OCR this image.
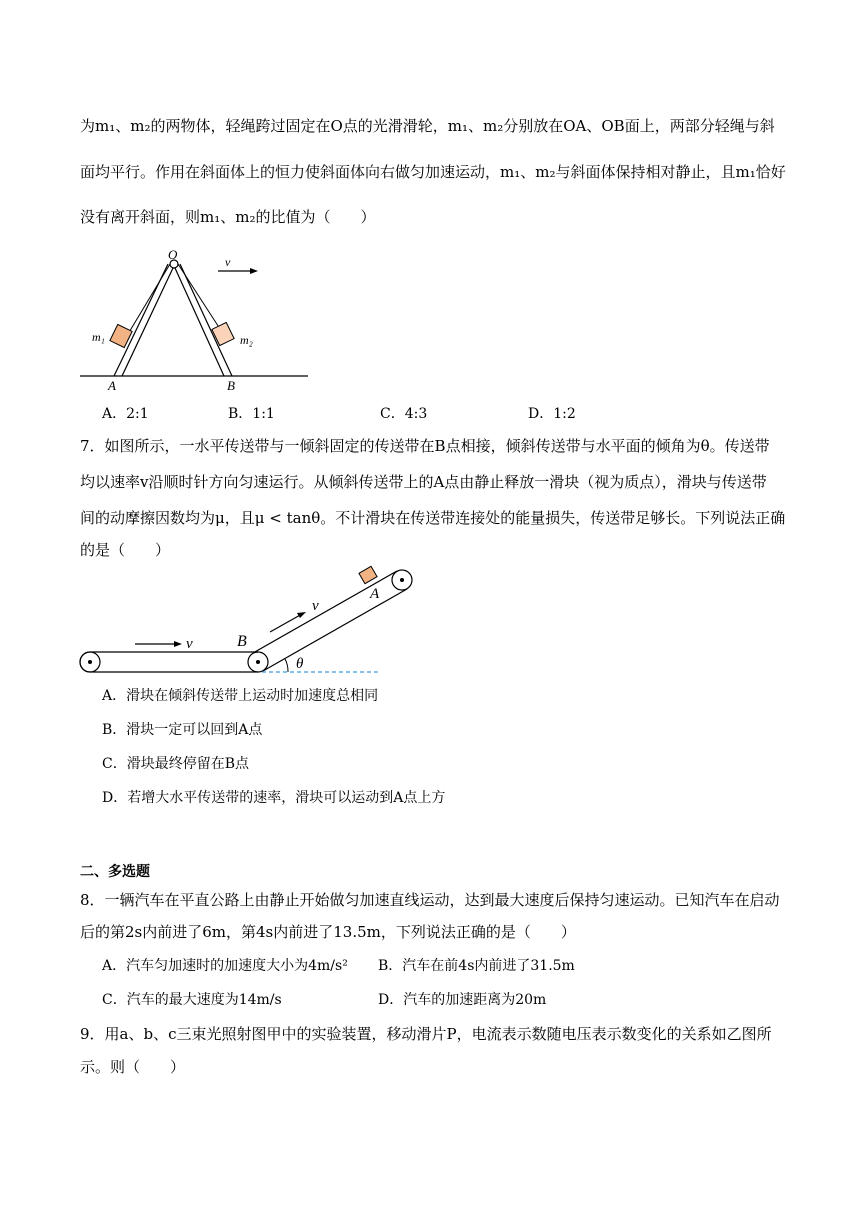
为m₁、m₂的两物体，轻绳跨过固定在O点的光滑滑轮，m₁、m₂分别放在OA、OB面上，两部分轻绳与斜
面均平行。作用在斜面体上的恒力使斜面体向右做匀加速运动，m₁、m₂与斜面体保持相对静止，且m₁恰好
没有离开斜面，则m₁、m₂的比值为（　　）
O	v
m₁	m₂
A	B
A．2:1	B．1:1	C．4:3	D．1:2
7．如图所示，一水平传送带与一倾斜固定的传送带在B点相接，倾斜传送带与水平面的倾角为θ。传送带
均以速率v沿顺时针方向匀速运行。从倾斜传送带上的A点由静止释放一滑块（视为质点），滑块与传送带
间的动摩擦因数均为μ，且μ < tanθ。不计滑块在传送带连接处的能量损失，传送带足够长。下列说法正确
的是（　　）
v
v
B
A
θ
A．滑块在倾斜传送带上运动时加速度总相同
B．滑块一定可以回到A点
C．滑块最终停留在B点
D．若增大水平传送带的速率，滑块可以运动到A点上方
二、多选题
8．一辆汽车在平直公路上由静止开始做匀加速直线运动，达到最大速度后保持匀速运动。已知汽车在启动
后的第2s内前进了6m，第4s内前进了13.5m，下列说法正确的是（　　）
A．汽车匀加速时的加速度大小为4m/s² B．汽车在前4s内前进了31.5m
C．汽车的最大速度为14m/s	D．汽车的加速距离为20m
9．用a、b、c三束光照射图甲中的实验装置，移动滑片P，电流表示数随电压表示数变化的关系如乙图所
示。则（　　）
